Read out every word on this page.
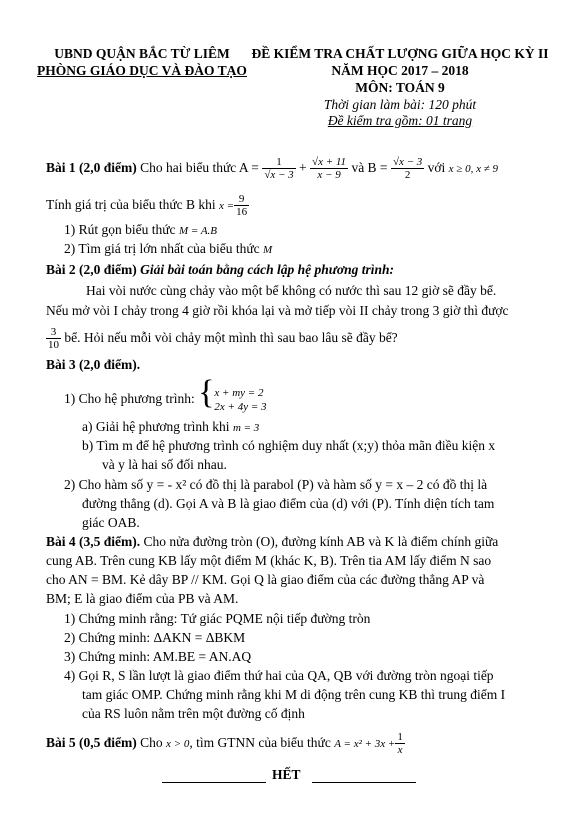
UBND QUẬN BẮC TỪ LIÊM
PHÒNG GIÁO DỤC VÀ ĐÀO TẠO
ĐỀ KIỂM TRA CHẤT LƯỢNG GIỮA HỌC KỲ II
NĂM HỌC 2017 – 2018
MÔN: TOÁN 9
Thời gian làm bài: 120 phút
Đề kiểm tra gồm: 01 trang
Bài 1 (2,0 điểm) Cho hai biểu thức $A = \frac{1}{√x - 3} + \frac{√x + 11}{x - 9}$ và $B = \frac{√x - 3}{2}$ với x ≥ 0, x ≠ 9
Tính giá trị của biểu thức B khi $x = \frac{9}{16}$
1) Rút gọn biểu thức M = A.B
2) Tìm giá trị lớn nhất của biểu thức M
Bài 2 (2,0 điểm) Giải bài toán bằng cách lập hệ phương trình:
Hai vòi nước cùng chảy vào một bể không có nước thì sau 12 giờ sẽ đầy bể.
Nếu mở vòi I chảy trong 4 giờ rồi khóa lại và mở tiếp vòi II chảy trong 3 giờ thì được
$\frac{3}{10}$ bể. Hỏi nếu mỗi vòi chảy một mình thì sau bao lâu sẽ đầy bể?
Bài 3 (2,0 điểm).
1) Cho hệ phương trình: { x + my = 2
2x + 4y = 3
a) Giải hệ phương trình khi m = 3
b) Tìm m để hệ phương trình có nghiệm duy nhất (x;y) thỏa mãn điều kiện x
và y là hai số đối nhau.
2) Cho hàm số y = - x² có đồ thị là parabol (P) và hàm số y = x – 2 có đồ thị là
đường thẳng (d). Gọi A và B là giao điểm của (d) với (P). Tính diện tích tam
giác OAB.
Bài 4 (3,5 điểm). Cho nửa đường tròn (O), đường kính AB và K là điểm chính giữa
cung AB. Trên cung KB lấy một điểm M (khác K, B). Trên tia AM lấy điểm N sao
cho AN = BM. Kẻ dây BP // KM. Gọi Q là giao điểm của các đường thẳng AP và
BM; E là giao điểm của PB và AM.
1) Chứng minh rằng: Tứ giác PQME nội tiếp đường tròn
2) Chứng minh: ΔAKN = ΔBKM
3) Chứng minh: AM.BE = AN.AQ
4) Gọi R, S lần lượt là giao điểm thứ hai của QA, QB với đường tròn ngoại tiếp
tam giác OMP. Chứng minh rằng khi M di động trên cung KB thì trung điểm I
của RS luôn nằm trên một đường cố định
Bài 5 (0,5 điểm) Cho x > 0, tìm GTNN của biểu thức $A = x^2 + 3x + \frac{1}{x}$
HẾT
